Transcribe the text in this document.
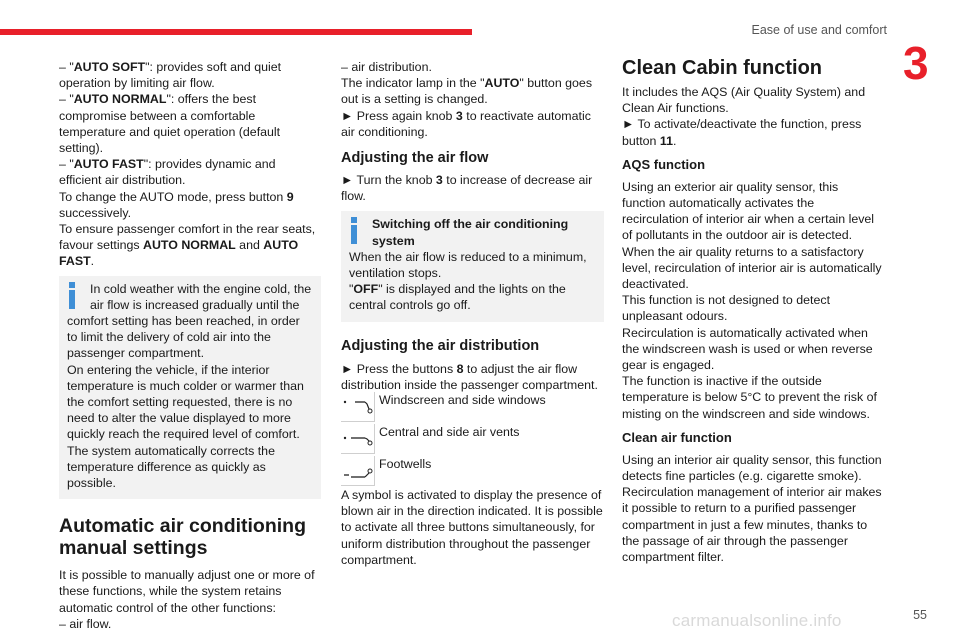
Ease of use and comfort
3

– "AUTO SOFT": provides soft and quiet operation by limiting air flow.

– "AUTO NORMAL": offers the best compromise between a comfortable temperature and quiet operation (default setting).

– "AUTO FAST": provides dynamic and efficient air distribution.

To change the AUTO mode, press button 9 successively.

To ensure passenger comfort in the rear seats, favour settings AUTO NORMAL and AUTO FAST.

In cold weather with the engine cold, the air flow is increased gradually until the

comfort setting has been reached, in order to limit the delivery of cold air into the passenger compartment.

On entering the vehicle, if the interior temperature is much colder or warmer than the comfort setting requested, there is no need to alter the value displayed to more quickly reach the required level of comfort.

The system automatically corrects the temperature difference as quickly as possible.

Automatic air conditioning manual settings

It is possible to manually adjust one or more of these functions, while the system retains automatic control of the other functions:

– air flow.

– air distribution.

The indicator lamp in the "AUTO" button goes out is a setting is changed.

► Press again knob 3 to reactivate automatic air conditioning.

Adjusting the air flow

► Turn the knob 3 to increase of decrease air flow.

Switching off the air conditioning system

When the air flow is reduced to a minimum, ventilation stops.

"OFF" is displayed and the lights on the central controls go off.

Adjusting the air distribution

► Press the buttons 8 to adjust the air flow distribution inside the passenger compartment.

Windscreen and side windows

Central and side air vents

Footwells

A symbol is activated to display the presence of blown air in the direction indicated. It is possible to activate all three buttons simultaneously, for uniform distribution throughout the passenger compartment.

Clean Cabin function

It includes the AQS (Air Quality System) and Clean Air functions.

► To activate/deactivate the function, press button 11.

AQS function

Using an exterior air quality sensor, this function automatically activates the recirculation of interior air when a certain level of pollutants in the outdoor air is detected.

When the air quality returns to a satisfactory level, recirculation of interior air is automatically deactivated.

This function is not designed to detect unpleasant odours.

Recirculation is automatically activated when the windscreen wash is used or when reverse gear is engaged.

The function is inactive if the outside temperature is below 5°C to prevent the risk of misting on the windscreen and side windows.

Clean air function

Using an interior air quality sensor, this function detects fine particles (e.g. cigarette smoke).

Recirculation management of interior air makes it possible to return to a purified passenger compartment in just a few minutes, thanks to the passage of air through the passenger compartment filter.

carmanualsonline.info	55
